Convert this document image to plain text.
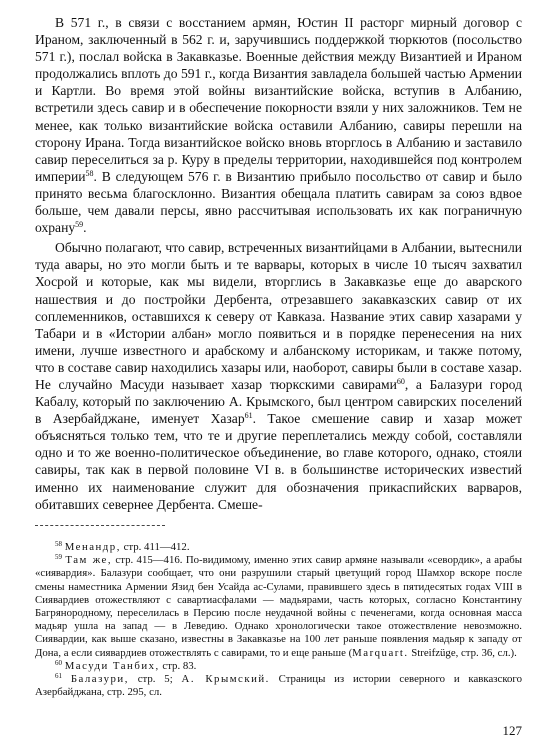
В 571 г., в связи с восстанием армян, Юстин II расторг мирный договор с Ираном, заключенный в 562 г. и, заручившись поддержкой тюркютов (посольство 571 г.), послал войска в Закавказье. Военные действия между Византией и Ираном продолжались вплоть до 591 г., когда Византия завладела большей частью Армении и Картли. Во время этой войны византийские войска, вступив в Албанию, встретили здесь савир и в обеспечение покорности взяли у них заложников. Тем не менее, как только византийские войска оставили Албанию, савиры перешли на сторону Ирана. Тогда византийское войско вновь вторглось в Албанию и заставило савир переселиться за р. Куру в пределы территории, находившейся под контролем империи$^{58}$. В следующем 576 г. в Византию прибыло посольство от савир и было принято весьма благосклонно. Византия обещала платить савирам за союз вдвое больше, чем давали персы, явно рассчитывая использовать их как пограничную охрану$^{59}$.

Обычно полагают, что савир, встреченных византийцами в Албании, вытеснили туда авары, но это могли быть и те варвары, которых в числе 10 тысяч захватил Хосрой и которые, как мы видели, вторглись в Закавказье еще до аварского нашествия и до постройки Дербента, отрезавшего закавказских савир от их соплеменников, оставшихся к северу от Кавказа. Название этих савир хазарами у Табари и в «Истории албан» могло появиться и в порядке перенесения на них имени, лучше известного и арабскому и албанскому историкам, и также потому, что в составе савир находились хазары или, наоборот, савиры были в составе хазар. Не случайно Масуди называет хазар тюркскими савирами$^{60}$, а Балазури город Кабалу, который по заключению А. Крымского, был центром савирских поселений в Азербайджане, именует Хазар$^{61}$. Такое смешение савир и хазар может объясняться только тем, что те и другие переплетались между собой, составляли одно и то же военно-политическое объединение, во главе которого, однако, стояли савиры, так как в первой половине VI в. в большинстве исторических известий именно их наименование служит для обозначения прикаспийских варваров, обитавших севернее Дербента. Смеше-

$^{58}$ Менандр, стр. 411—412.

$^{59}$ Там же, стр. 415—416. По-видимому, именно этих савир армяне называли «севордик», а арабы «сиявардия». Балазури сообщает, что они разрушили старый цветущий город Шамхор вскоре после смены наместника Армении Язид бен Усайда ас-Сулами, правившего здесь в пятидесятых годах VIII в Сиявардиев отожествляют с савартиасфалами — мадьярами, часть которых, согласно Константину Багрянородному, переселилась в Персию после неудачной войны с печенегами, когда основная масса мадьяр ушла на запад — в Леведию. Однако хронологически такое отожествление невозможно. Сиявардии, как выше сказано, известны в Закавказье на 100 лет раньше появления мадьяр к западу от Дона, а если сиявардиев отожествлять с савирами, то и еще раньше (Marquart. Streifzüge, стр. 36, сл.).

$^{60}$ Масуди Танбих, стр. 83.

$^{61}$ Балазури, стр. 5; А. Крымский. Страницы из истории северного и кавказского Азербайджана, стр. 295, сл.

127
